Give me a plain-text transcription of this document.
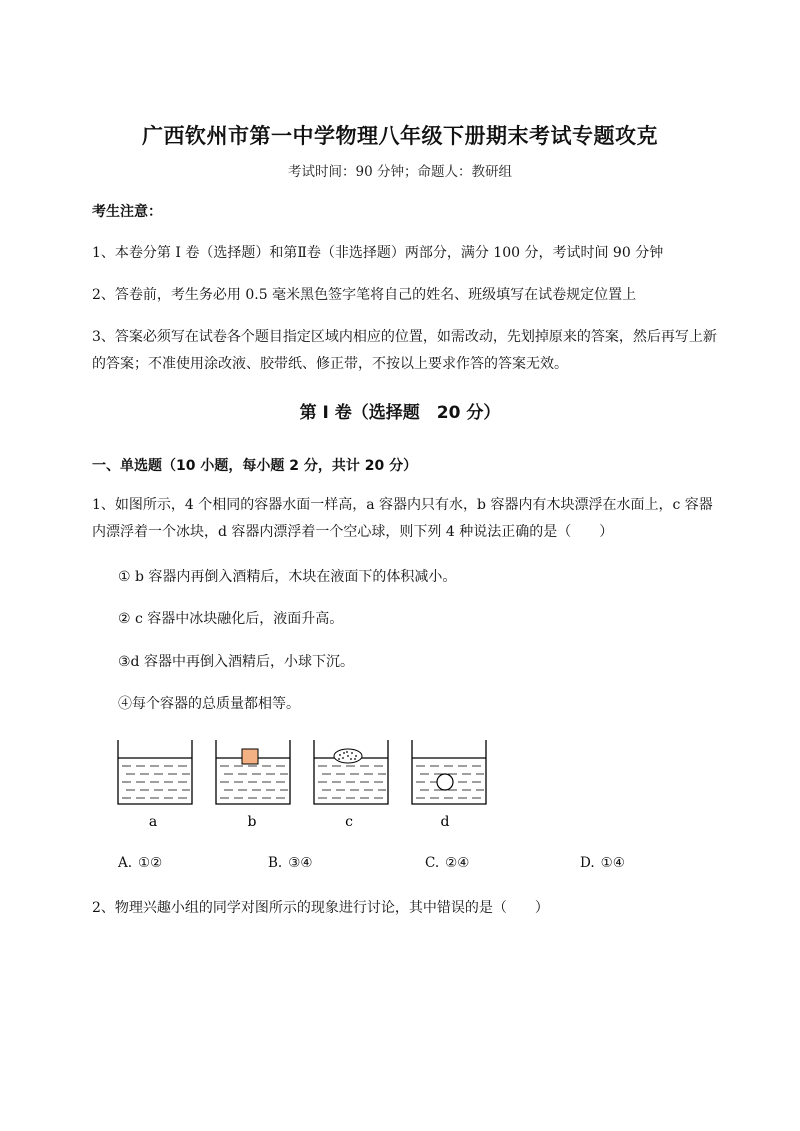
广西钦州市第一中学物理八年级下册期末考试专题攻克
考试时间：90 分钟；命题人：教研组
考生注意：
1、本卷分第 I 卷（选择题）和第Ⅱ卷（非选择题）两部分，满分 100 分，考试时间 90 分钟
2、答卷前，考生务必用 0.5 毫米黑色签字笔将自己的姓名、班级填写在试卷规定位置上
3、答案必须写在试卷各个题目指定区域内相应的位置，如需改动，先划掉原来的答案，然后再写上新的答案；不准使用涂改液、胶带纸、修正带，不按以上要求作答的答案无效。
第 I 卷（选择题　20 分）
一、单选题（10 小题，每小题 2 分，共计 20 分）
1、如图所示，4 个相同的容器水面一样高，a 容器内只有水，b 容器内有木块漂浮在水面上，c 容器内漂浮着一个冰块，d 容器内漂浮着一个空心球，则下列 4 种说法正确的是（　　）
① b 容器内再倒入酒精后，木块在液面下的体积减小。
② c 容器中冰块融化后，液面升高。
③d 容器中再倒入酒精后，小球下沉。
④每个容器的总质量都相等。
a	b	c	d
A. ①②	B. ③④	C. ②④	D. ①④
2、物理兴趣小组的同学对图所示的现象进行讨论，其中错误的是（　　）
